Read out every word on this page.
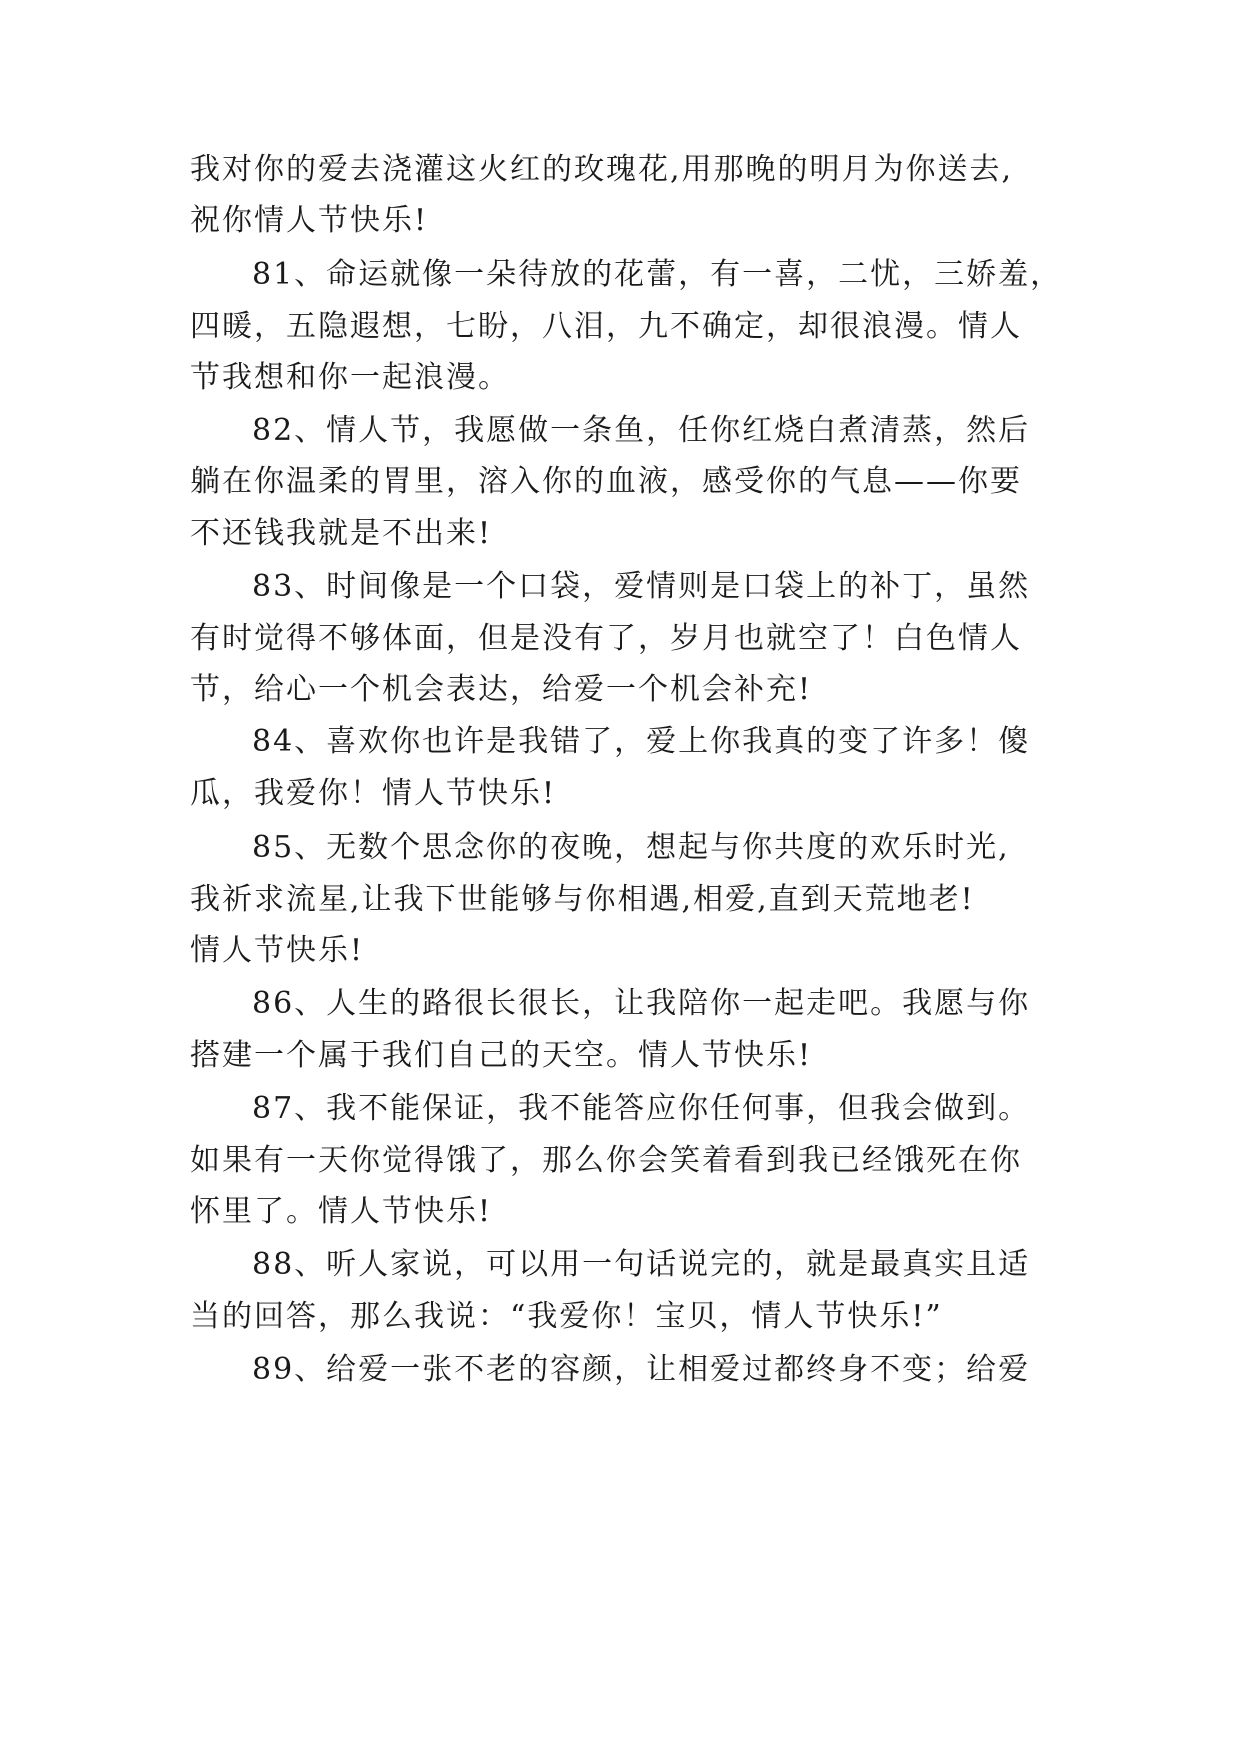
我对你的爱去浇灌这火红的玫瑰花,用那晚的明月为你送去,
祝你情人节快乐!
81、命运就像一朵待放的花蕾，有一喜，二忧，三娇羞，
四暖，五隐遐想，七盼，八泪，九不确定，却很浪漫。情人
节我想和你一起浪漫。
82、情人节，我愿做一条鱼，任你红烧白煮清蒸，然后
躺在你温柔的胃里，溶入你的血液，感受你的气息——你要
不还钱我就是不出来!
83、时间像是一个口袋，爱情则是口袋上的补丁，虽然
有时觉得不够体面，但是没有了，岁月也就空了！白色情人
节，给心一个机会表达，给爱一个机会补充!
84、喜欢你也许是我错了，爱上你我真的变了许多！傻
瓜，我爱你！情人节快乐!
85、无数个思念你的夜晚，想起与你共度的欢乐时光,
我祈求流星,让我下世能够与你相遇,相爱,直到天荒地老!
情人节快乐!
86、人生的路很长很长，让我陪你一起走吧。我愿与你
搭建一个属于我们自己的天空。情人节快乐!
87、我不能保证，我不能答应你任何事，但我会做到。
如果有一天你觉得饿了，那么你会笑着看到我已经饿死在你
怀里了。情人节快乐!
88、听人家说，可以用一句话说完的，就是最真实且适
当的回答，那么我说：“我爱你！宝贝，情人节快乐!”
89、给爱一张不老的容颜，让相爱过都终身不变；给爱
